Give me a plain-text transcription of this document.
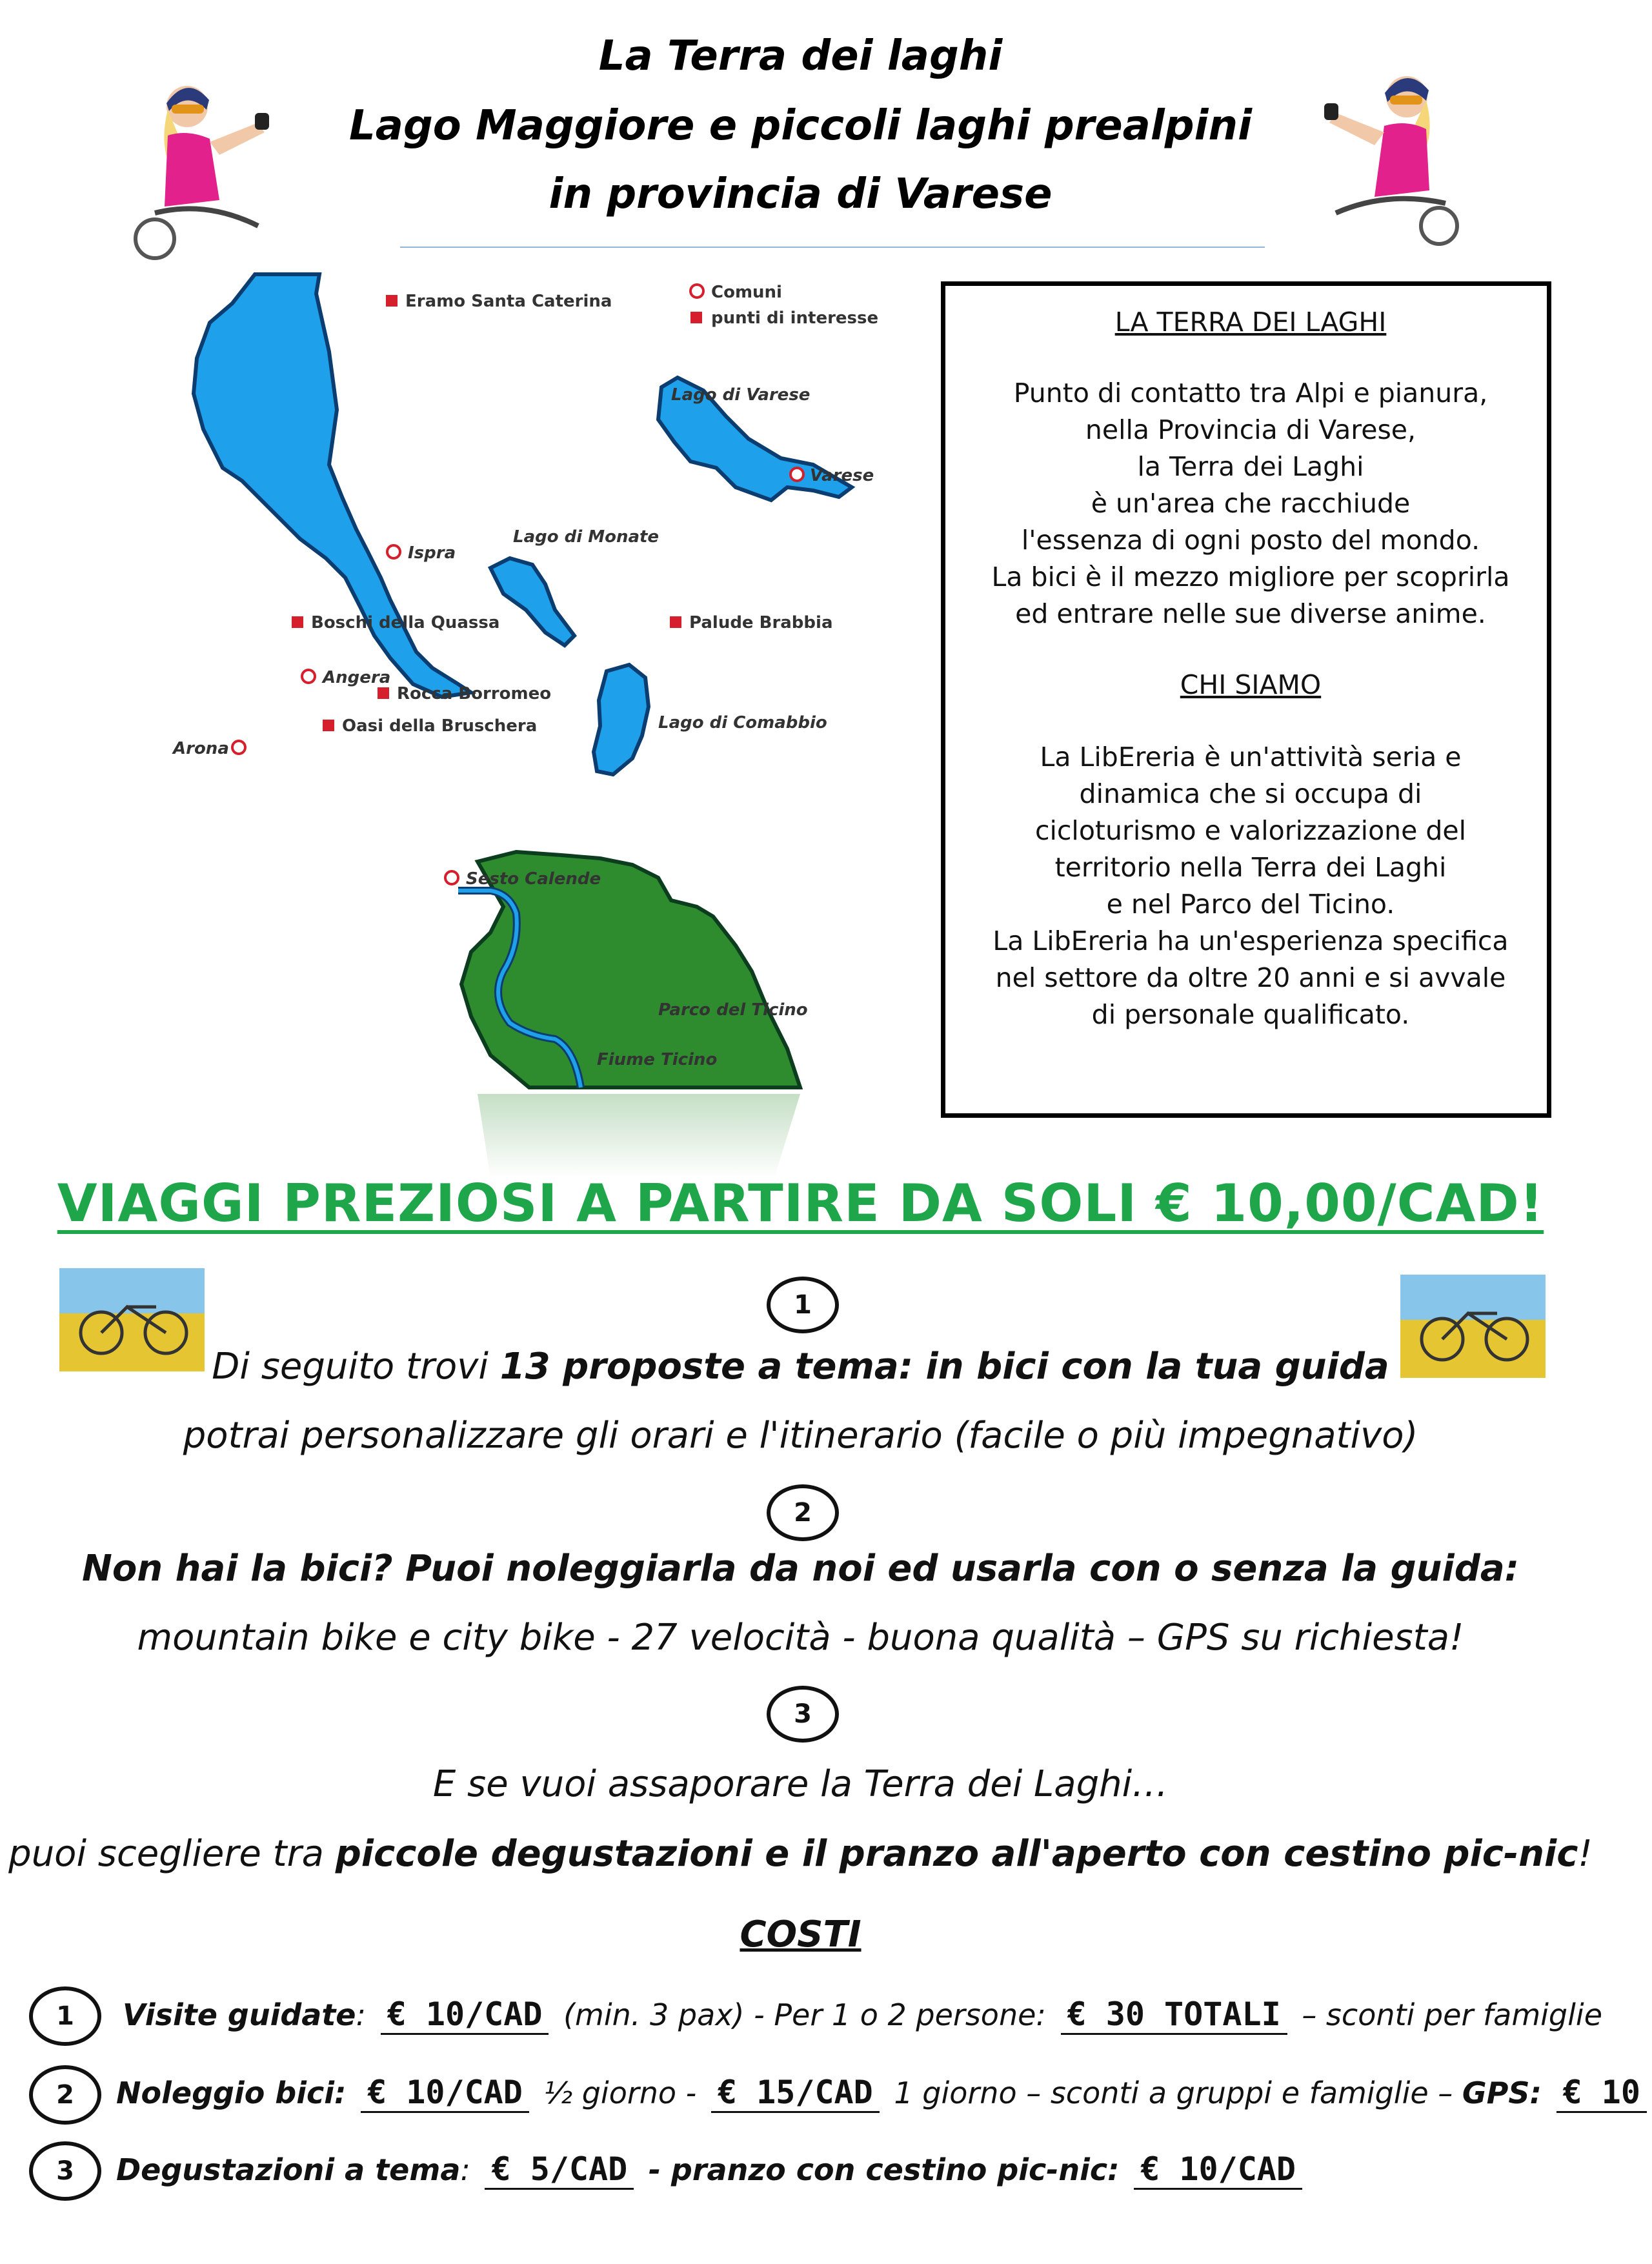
La Terra dei laghi
Lago Maggiore e piccoli laghi prealpini
in provincia di Varese
Comuni
punti di interesse
Eramo Santa Caterina
Lago di Varese
Varese
Ispra
Lago di Monate
Boschi della Quassa	Palude Brabbia
Angera
Rocca Borromeo
Oasi della Bruschera
Arona
Lago di Comabbio
Sesto Calende
Parco del Ticino
Fiume Ticino
LA TERRA DEI LAGHI
Punto di contatto tra Alpi e pianura,
nella Provincia di Varese,
la Terra dei Laghi
è un'area che racchiude
l'essenza di ogni posto del mondo.
La bici è il mezzo migliore per scoprirla
ed entrare nelle sue diverse anime.
CHI SIAMO
La LibEreria è un'attività seria e
dinamica che si occupa di
cicloturismo e valorizzazione del
territorio nella Terra dei Laghi
e nel Parco del Ticino.
La LibEreria ha un'esperienza specifica
nel settore da oltre 20 anni e si avvale
di personale qualificato.
VIAGGI PREZIOSI A PARTIRE DA SOLI € 10,00/CAD!
1
Di seguito trovi 13 proposte a tema: in bici con la tua guida
potrai personalizzare gli orari e l'itinerario (facile o più impegnativo)
2
Non hai la bici? Puoi noleggiarla da noi ed usarla con o senza la guida:
mountain bike e city bike - 27 velocità - buona qualità – GPS su richiesta!
3
E se vuoi assaporare la Terra dei Laghi…
puoi scegliere tra piccole degustazioni e il pranzo all'aperto con cestino pic-nic!
COSTI
1	Visite guidate: € 10/CAD (min. 3 pax) - Per 1 o 2 persone: € 30 TOTALI – sconti per famiglie
2	Noleggio bici: € 10/CAD ½ giorno - € 15/CAD 1 giorno – sconti a gruppi e famiglie – GPS: € 10
3	Degustazioni a tema: € 5/CAD - pranzo con cestino pic-nic: € 10/CAD
